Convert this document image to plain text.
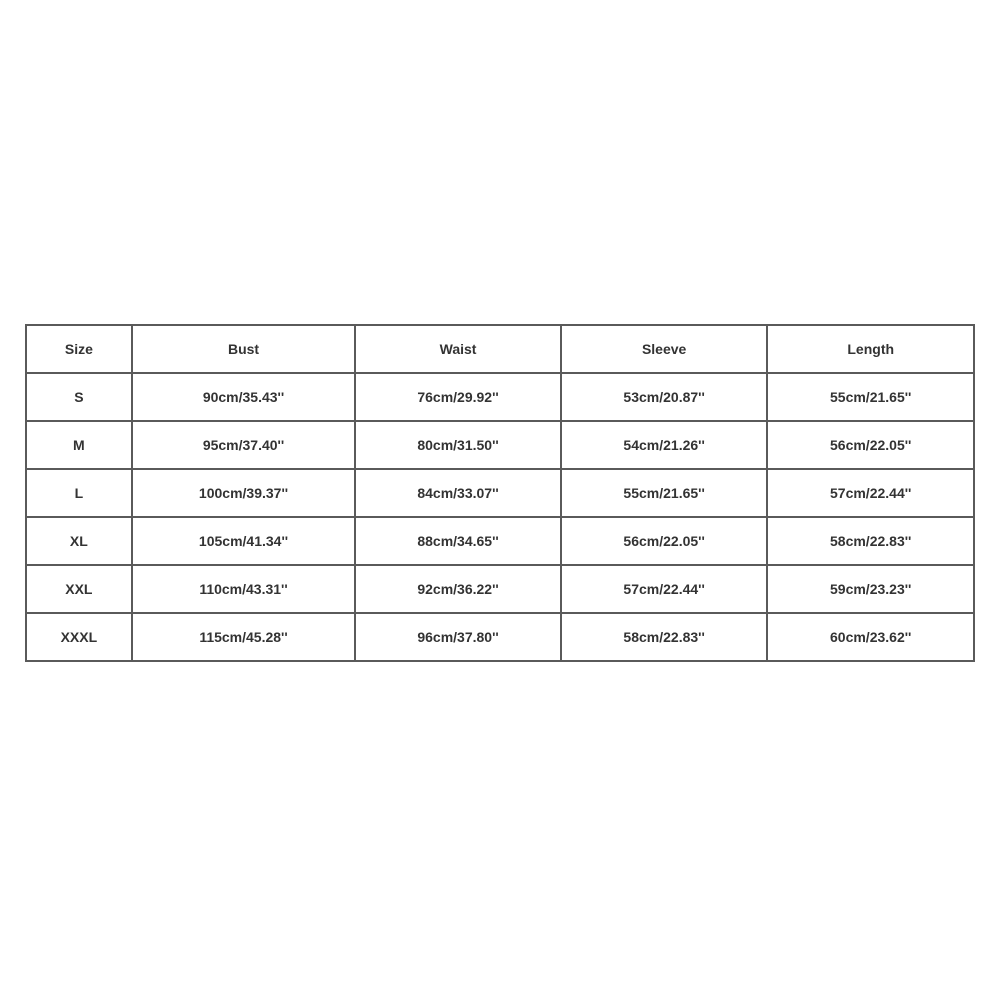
Size	Bust	Waist	Sleeve	Length
S	90cm/35.43''	76cm/29.92''	53cm/20.87''	55cm/21.65''
M	95cm/37.40''	80cm/31.50''	54cm/21.26''	56cm/22.05''
L	100cm/39.37''	84cm/33.07''	55cm/21.65''	57cm/22.44''
XL	105cm/41.34''	88cm/34.65''	56cm/22.05''	58cm/22.83''
XXL	110cm/43.31''	92cm/36.22''	57cm/22.44''	59cm/23.23''
XXXL	115cm/45.28''	96cm/37.80''	58cm/22.83''	60cm/23.62''
